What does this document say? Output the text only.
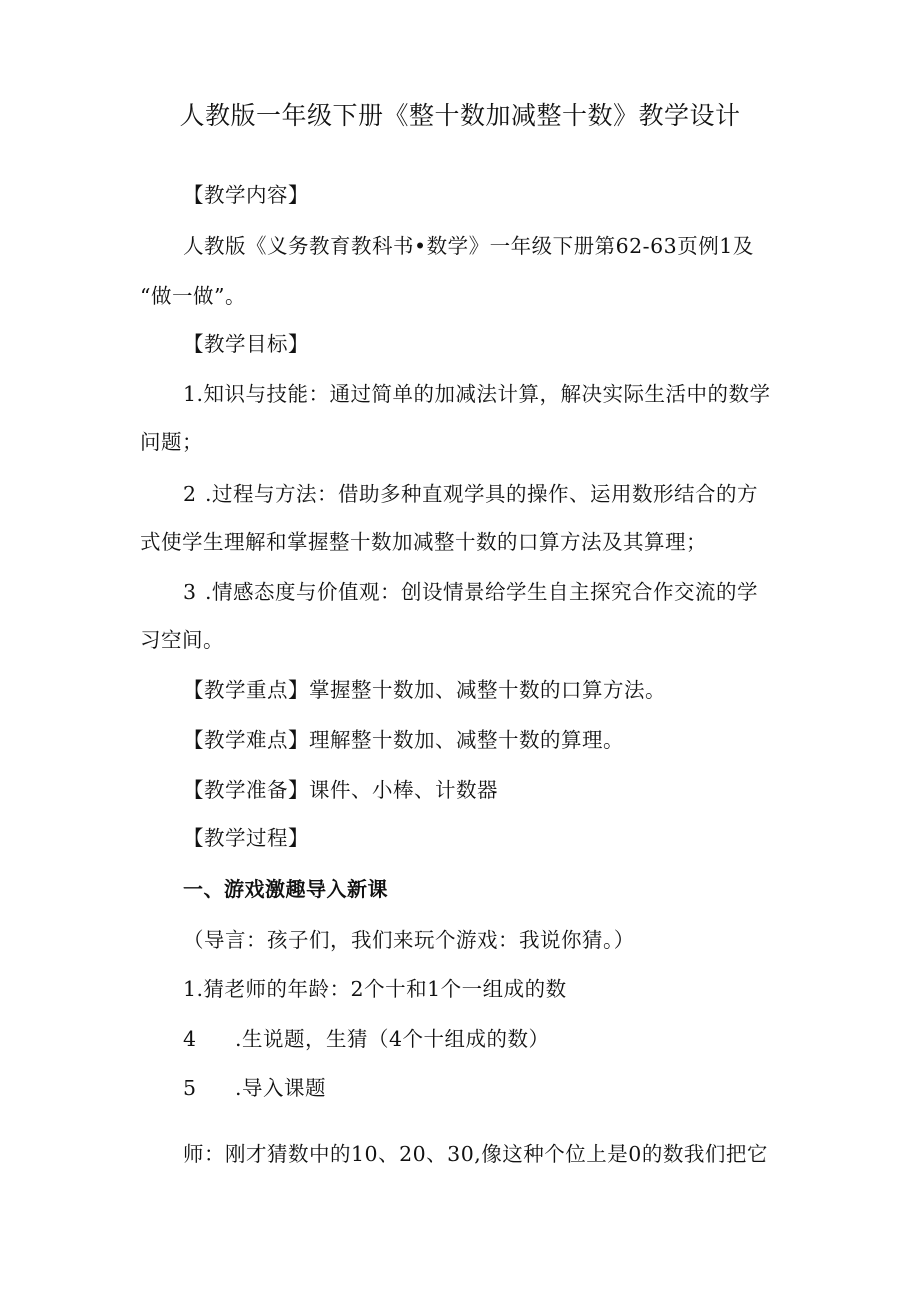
人教版一年级下册《整十数加减整十数》教学设计
【教学内容】
人教版《义务教育教科书•数学》一年级下册第62-63页例1及
“做一做”。
【教学目标】
1.知识与技能：通过简单的加减法计算，解决实际生活中的数学
问题；
2 .过程与方法：借助多种直观学具的操作、运用数形结合的方
式使学生理解和掌握整十数加减整十数的口算方法及其算理；
3 .情感态度与价值观：创设情景给学生自主探究合作交流的学
习空间。
【教学重点】掌握整十数加、减整十数的口算方法。
【教学难点】理解整十数加、减整十数的算理。
【教学准备】课件、小棒、计数器
【教学过程】
一、游戏激趣导入新课
（导言：孩子们，我们来玩个游戏：我说你猜。）
1.猜老师的年龄：2个十和1个一组成的数
4 .生说题，生猜（4个十组成的数）
5 .导入课题
师：刚才猜数中的10、20、30,像这种个位上是0的数我们把它
